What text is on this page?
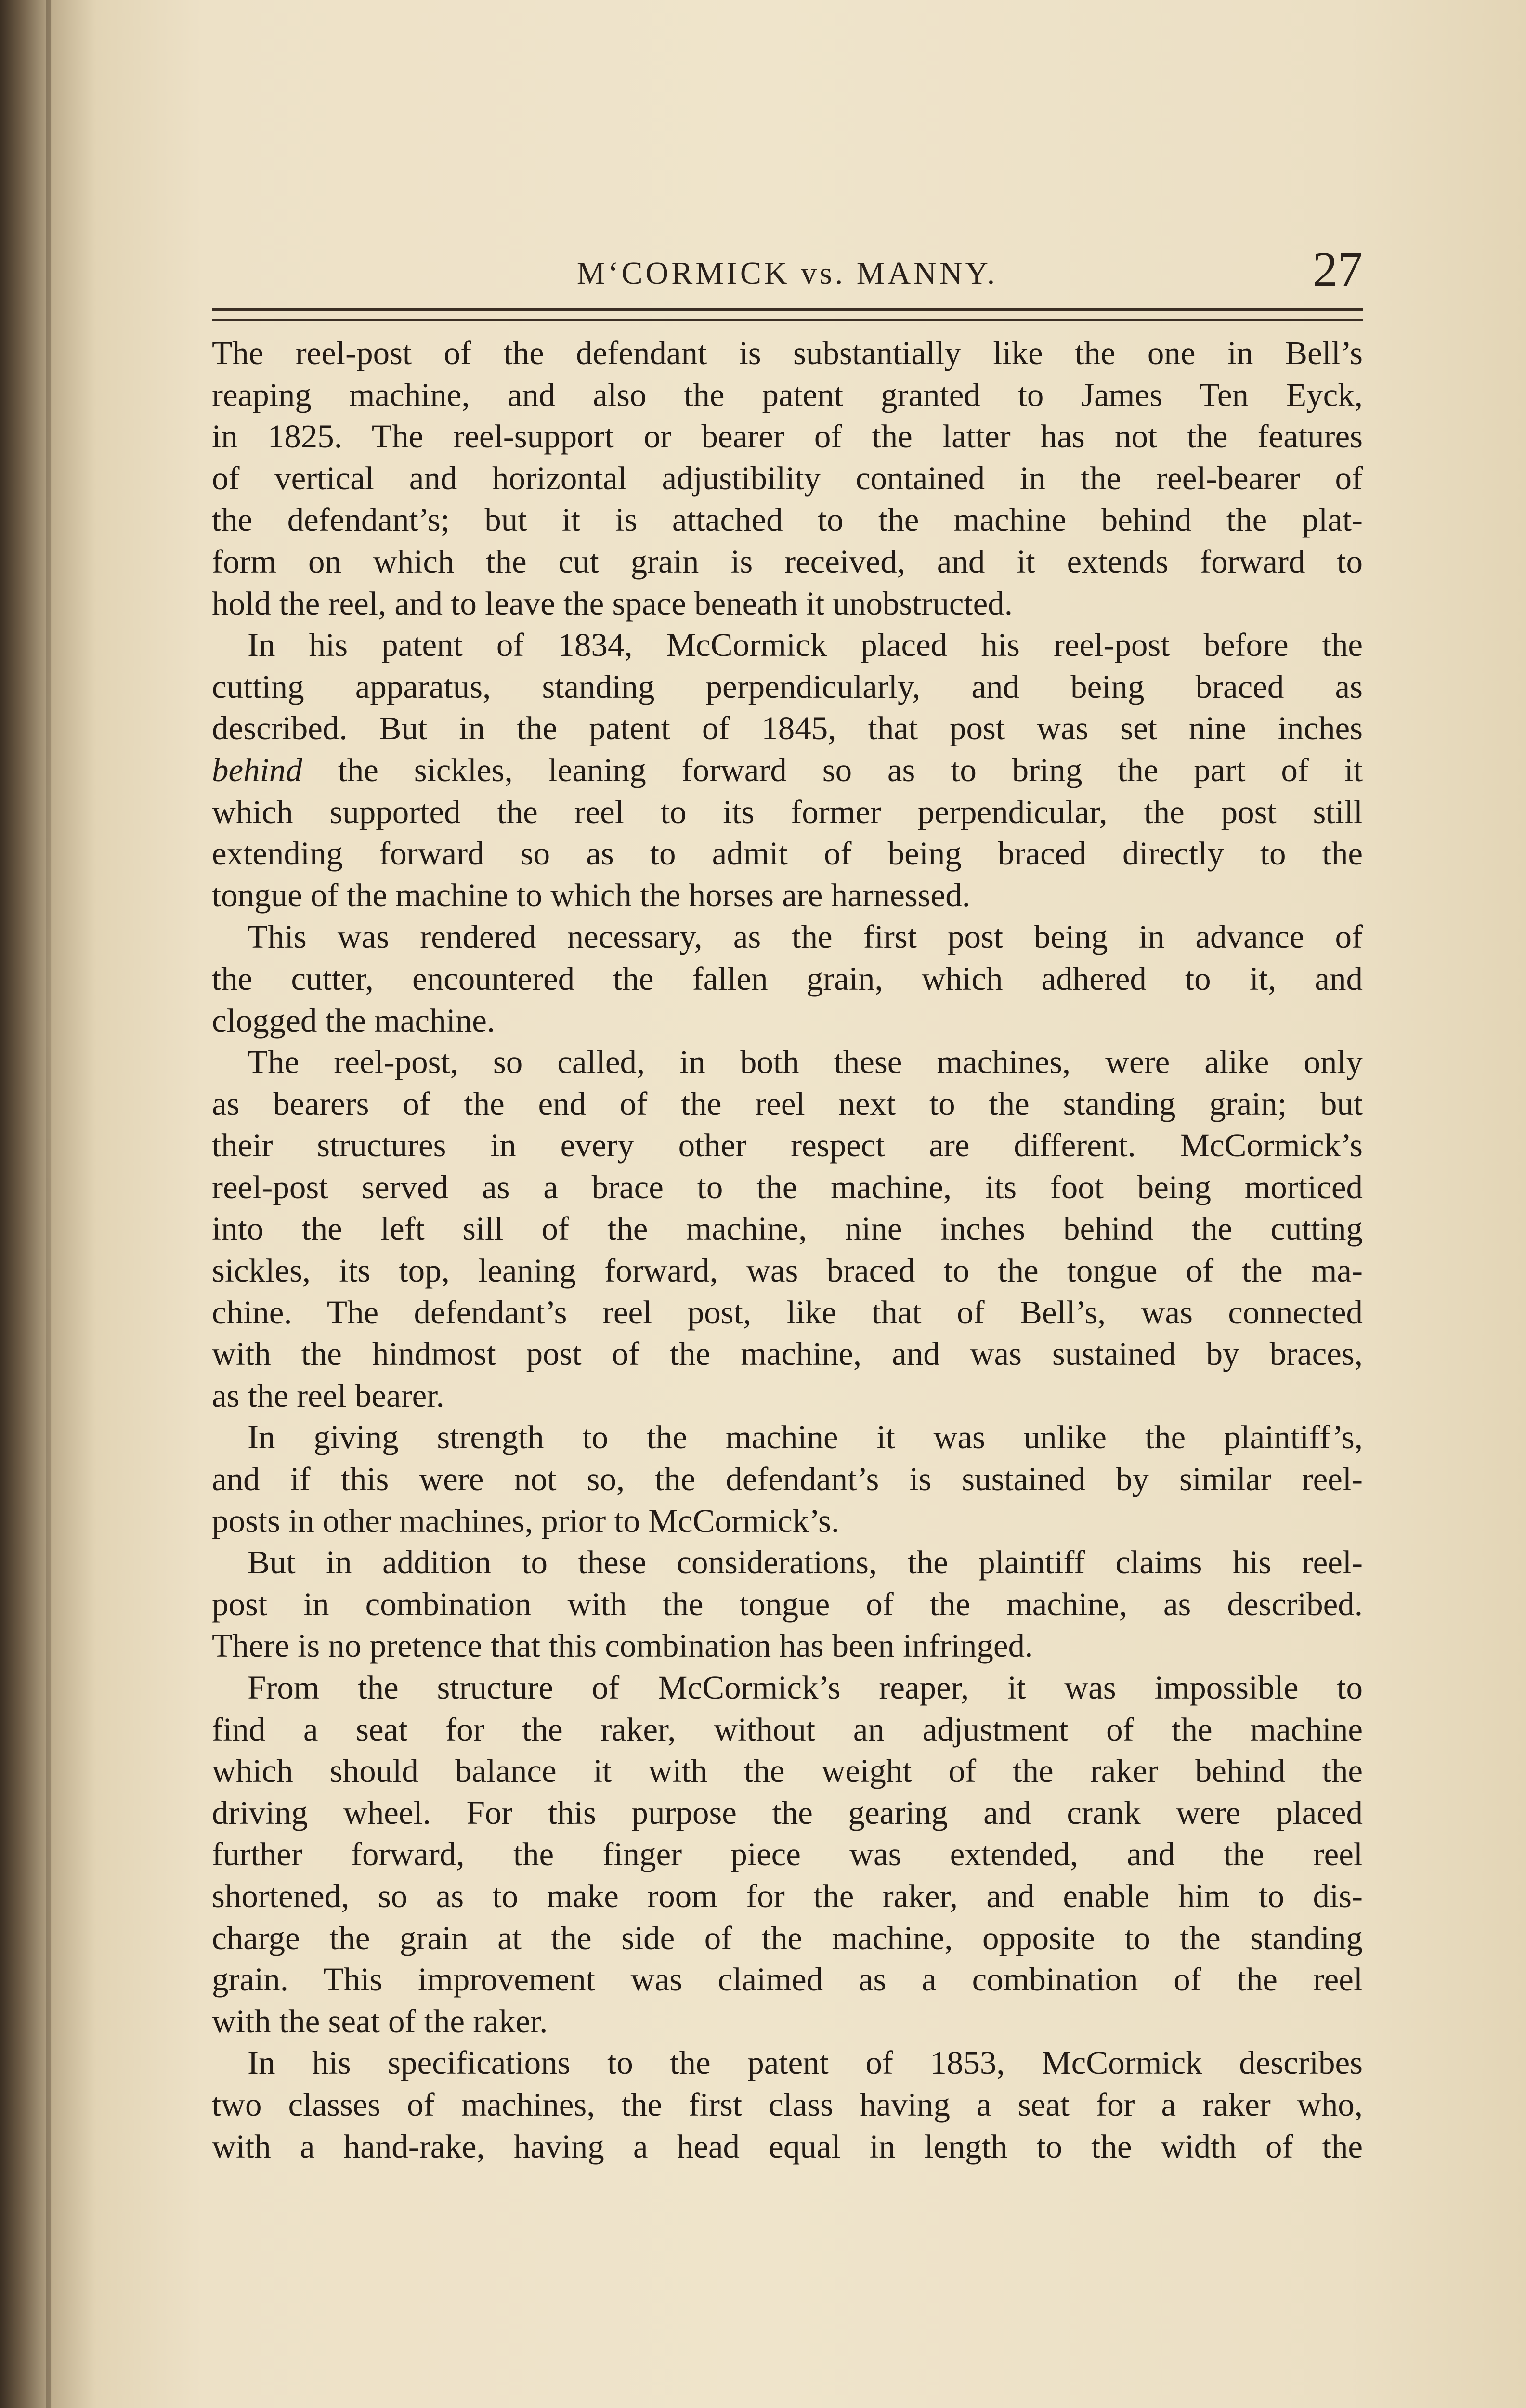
M‘CORMICK vs. MANNY.	27
The reel-post of the defendant is substantially like the one in Bell’s
reaping machine, and also the patent granted to James Ten Eyck,
in 1825. The reel-support or bearer of the latter has not the features
of vertical and horizontal adjustibility contained in the reel-bearer of
the defendant’s; but it is attached to the machine behind the plat-
form on which the cut grain is received, and it extends forward to
hold the reel, and to leave the space beneath it unobstructed.
In his patent of 1834, McCormick placed his reel-post before the
cutting apparatus, standing perpendicularly, and being braced as
described. But in the patent of 1845, that post was set nine inches
behind the sickles, leaning forward so as to bring the part of it
which supported the reel to its former perpendicular, the post still
extending forward so as to admit of being braced directly to the
tongue of the machine to which the horses are harnessed.
This was rendered necessary, as the first post being in advance of
the cutter, encountered the fallen grain, which adhered to it, and
clogged the machine.
The reel-post, so called, in both these machines, were alike only
as bearers of the end of the reel next to the standing grain; but
their structures in every other respect are different. McCormick’s
reel-post served as a brace to the machine, its foot being morticed
into the left sill of the machine, nine inches behind the cutting
sickles, its top, leaning forward, was braced to the tongue of the ma-
chine. The defendant’s reel post, like that of Bell’s, was connected
with the hindmost post of the machine, and was sustained by braces,
as the reel bearer.
In giving strength to the machine it was unlike the plaintiff’s,
and if this were not so, the defendant’s is sustained by similar reel-
posts in other machines, prior to McCormick’s.
But in addition to these considerations, the plaintiff claims his reel-
post in combination with the tongue of the machine, as described.
There is no pretence that this combination has been infringed.
From the structure of McCormick’s reaper, it was impossible to
find a seat for the raker, without an adjustment of the machine
which should balance it with the weight of the raker behind the
driving wheel. For this purpose the gearing and crank were placed
further forward, the finger piece was extended, and the reel
shortened, so as to make room for the raker, and enable him to dis-
charge the grain at the side of the machine, opposite to the standing
grain. This improvement was claimed as a combination of the reel
with the seat of the raker.
In his specifications to the patent of 1853, McCormick describes
two classes of machines, the first class having a seat for a raker who,
with a hand-rake, having a head equal in length to the width of the
